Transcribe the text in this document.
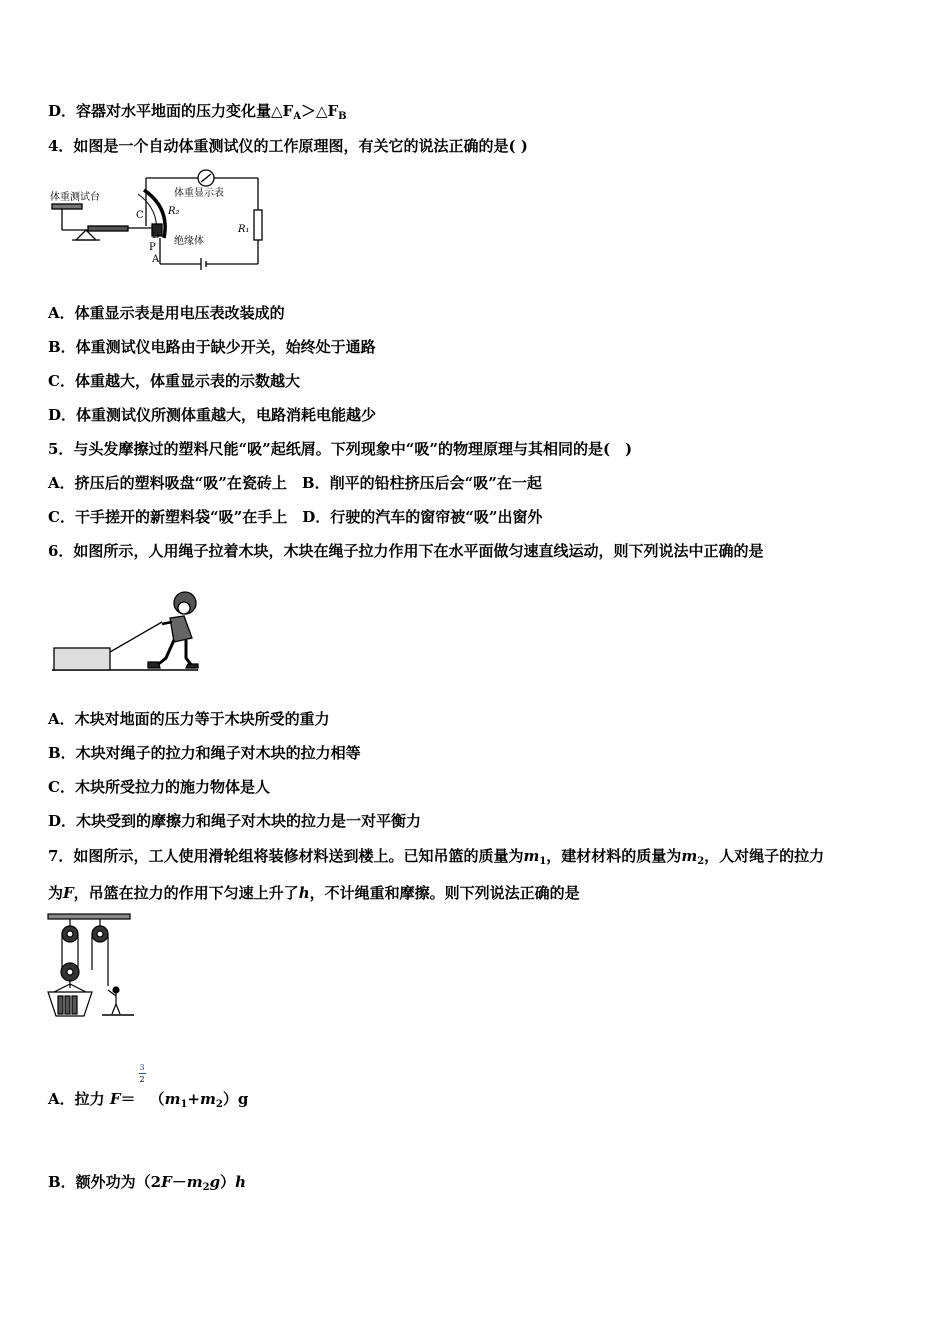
D．容器对水平地面的压力变化量$\triangle F_A>\triangle F_B$
4．如图是一个自动体重测试仪的工作原理图，有关它的说法正确的是( )
体重测试台	体重显示表
C R₂
R₁
P
绝缘体
A
A．体重显示表是用电压表改装成的
B．体重测试仪电路由于缺少开关，始终处于通路
C．体重越大，体重显示表的示数越大
D．体重测试仪所测体重越大，电路消耗电能越少
5．与头发摩擦过的塑料尺能“吸”起纸屑。下列现象中“吸”的物理原理与其相同的是(　)
A．挤压后的塑料吸盘“吸”在瓷砖上　B．削平的铅柱挤压后会“吸”在一起
C．干手搓开的新塑料袋“吸”在手上　D．行驶的汽车的窗帘被“吸”出窗外
6．如图所示，人用绳子拉着木块，木块在绳子拉力作用下在水平面做匀速直线运动，则下列说法中正确的是
A．木块对地面的压力等于木块所受的重力
B．木块对绳子的拉力和绳子对木块的拉力相等
C．木块所受拉力的施力物体是人
D．木块受到的摩擦力和绳子对木块的拉力是一对平衡力
7．如图所示，工人使用滑轮组将装修材料送到楼上。已知吊篮的质量为$m_1$，建材材料的质量为$m_2$，人对绳子的拉力
为F，吊篮在拉力的作用下匀速上升了h，不计绳重和摩擦。则下列说法正确的是
A．拉力 $F= \frac{3}{2} (m_1+m_2)g$
B．额外功为$(2F-m_2g)h$
